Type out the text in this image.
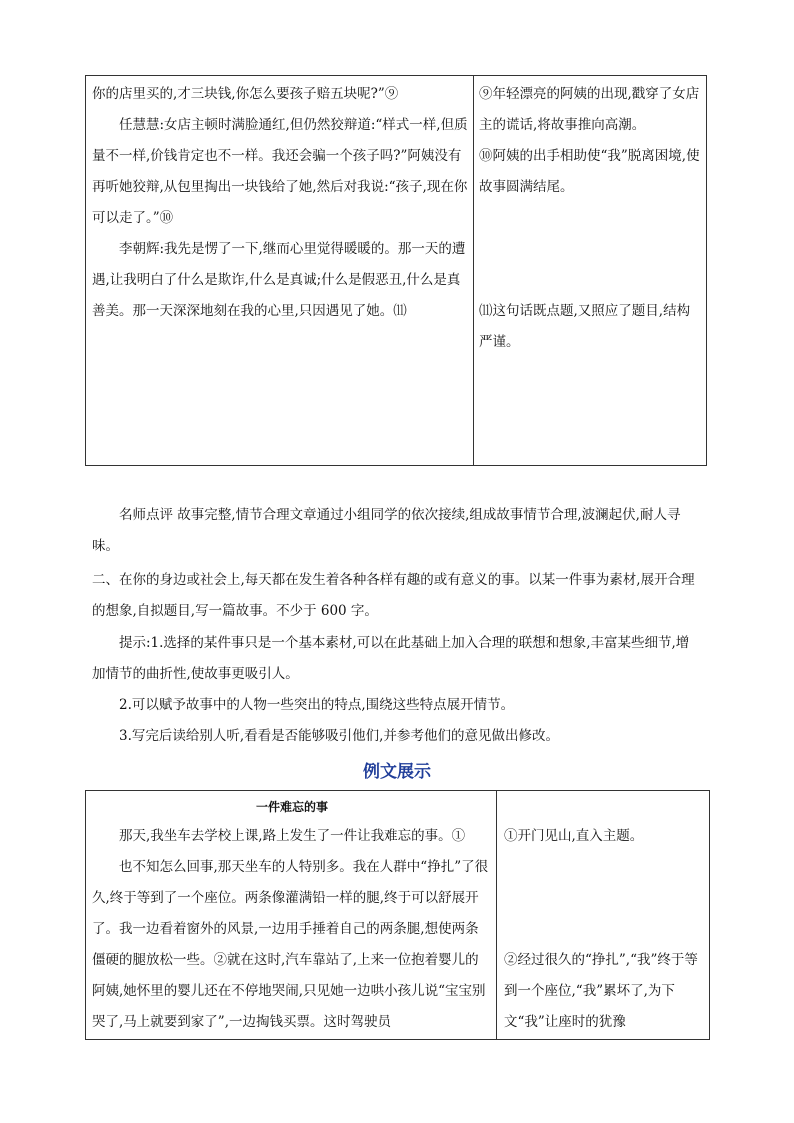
你的店里买的,才三块钱,你怎么要孩子赔五块呢?”⑨

任慧慧:女店主顿时满脸通红,但仍然狡辩道:“样式一样,但质量不一样,价钱肯定也不一样。我还会骗一个孩子吗?”阿姨没有再听她狡辩,从包里掏出一块钱给了她,然后对我说:“孩子,现在你可以走了。”⑩

李朝辉:我先是愣了一下,继而心里觉得暖暖的。那一天的遭遇,让我明白了什么是欺诈,什么是真诚;什么是假恶丑,什么是真善美。那一天深深地刻在我的心里,只因遇见了她。⑾

⑨年轻漂亮的阿姨的出现,戳穿了女店主的谎话,将故事推向高潮。

⑩阿姨的出手相助使“我”脱离困境,使故事圆满结尾。

⑾这句话既点题,又照应了题目,结构严谨。

名师点评 故事完整,情节合理文章通过小组同学的依次接续,组成故事情节合理,波澜起伏,耐人寻味。

二、在你的身边或社会上,每天都在发生着各种各样有趣的或有意义的事。以某一件事为素材,展开合理的想象,自拟题目,写一篇故事。不少于 600 字。

提示:1.选择的某件事只是一个基本素材,可以在此基础上加入合理的联想和想象,丰富某些细节,增加情节的曲折性,使故事更吸引人。

2.可以赋予故事中的人物一些突出的特点,围绕这些特点展开情节。

3.写完后读给别人听,看看是否能够吸引他们,并参考他们的意见做出修改。

例文展示
一件难忘的事

那天,我坐车去学校上课,路上发生了一件让我难忘的事。①

也不知怎么回事,那天坐车的人特别多。我在人群中“挣扎”了很久,终于等到了一个座位。两条像灌满铅一样的腿,终于可以舒展开了。我一边看着窗外的风景,一边用手捶着自己的两条腿,想使两条僵硬的腿放松一些。②就在这时,汽车靠站了,上来一位抱着婴儿的阿姨,她怀里的婴儿还在不停地哭闹,只见她一边哄小孩儿说“宝宝别哭了,马上就要到家了”,一边掏钱买票。这时驾驶员

①开门见山,直入主题。

②经过很久的“挣扎”,“我”终于等到一个座位,“我”累坏了,为下文“我”让座时的犹豫
